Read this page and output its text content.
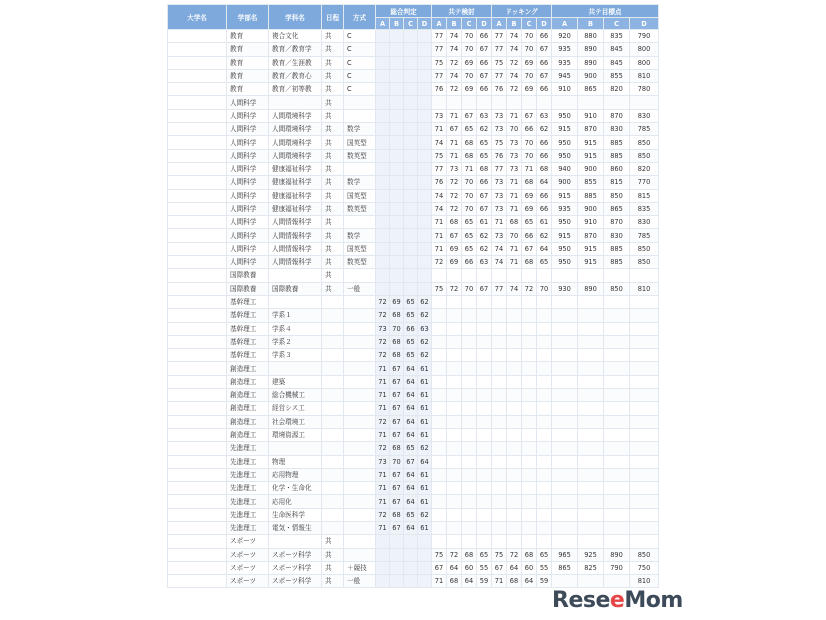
大学名	学部名	学科名	日程	方式	総合判定				共テ検討				ドッキング				共テ目標点			
					A	B	C	D	A	B	C	D	A	B	C	D	A	B	C	D
	教育	複合文化	共	C					77	74	70	66	77	74	70	66	920	880	835	790
	教育	教育／教育学	共	C					77	74	70	67	77	74	70	67	935	890	845	800
	教育	教育／生涯教	共	C					75	72	69	66	75	72	69	66	935	890	845	800
	教育	教育／教育心	共	C					77	74	70	67	77	74	70	67	945	900	855	810
	教育	教育／初等教	共	C					76	72	69	66	76	72	69	66	910	865	820	780
	人間科学		共																	
	人間科学	人間環境科学	共						73	71	67	63	73	71	67	63	950	910	870	830
	人間科学	人間環境科学	共	数学					71	67	65	62	73	70	66	62	915	870	830	785
	人間科学	人間環境科学	共	国英型					74	71	68	65	75	73	70	66	950	915	885	850
	人間科学	人間環境科学	共	数英型					75	71	68	65	76	73	70	66	950	915	885	850
	人間科学	健康福祉科学	共						77	73	71	68	77	73	71	68	940	900	860	820
	人間科学	健康福祉科学	共	数学					76	72	70	66	73	71	68	64	900	855	815	770
	人間科学	健康福祉科学	共	国英型					74	72	70	67	73	71	69	66	915	885	850	815
	人間科学	健康福祉科学	共	数英型					74	72	70	67	73	71	69	66	935	900	865	835
	人間科学	人間情報科学	共						71	68	65	61	71	68	65	61	950	910	870	830
	人間科学	人間情報科学	共	数学					71	67	65	62	73	70	66	62	915	870	830	785
	人間科学	人間情報科学	共	国英型					71	69	65	62	74	71	67	64	950	915	885	850
	人間科学	人間情報科学	共	数英型					72	69	66	63	74	71	68	65	950	915	885	850
	国際教養		共																	
	国際教養	国際教養	共	一般					75	72	70	67	77	74	72	70	930	890	850	810
	基幹理工				72	69	65	62												
	基幹理工	学系１			72	68	65	62												
	基幹理工	学系４			73	70	66	63												
	基幹理工	学系２			72	68	65	62												
	基幹理工	学系３			72	68	65	62												
	創造理工				71	67	64	61												
	創造理工	建築			71	67	64	61												
	創造理工	総合機械工			71	67	64	61												
	創造理工	経営シス工			71	67	64	61												
	創造理工	社会環境工			72	67	64	61												
	創造理工	環境資源工			71	67	64	61												
	先進理工				72	68	65	62												
	先進理工	物理			73	70	67	64												
	先進理工	応用物理			71	67	64	61												
	先進理工	化学・生命化			71	67	64	61												
	先進理工	応用化			71	67	64	61												
	先進理工	生命医科学			72	68	65	62												
	先進理工	電気・情報生			71	67	64	61												
	スポーツ		共																	
	スポーツ	スポーツ科学	共						75	72	68	65	75	72	68	65	965	925	890	850
	スポーツ	スポーツ科学	共	＋競技					67	64	60	55	67	64	60	55	865	825	790	750
	スポーツ	スポーツ科学	共	一般					71	68	64	59	71	68	64	59				810
ReseeMom
